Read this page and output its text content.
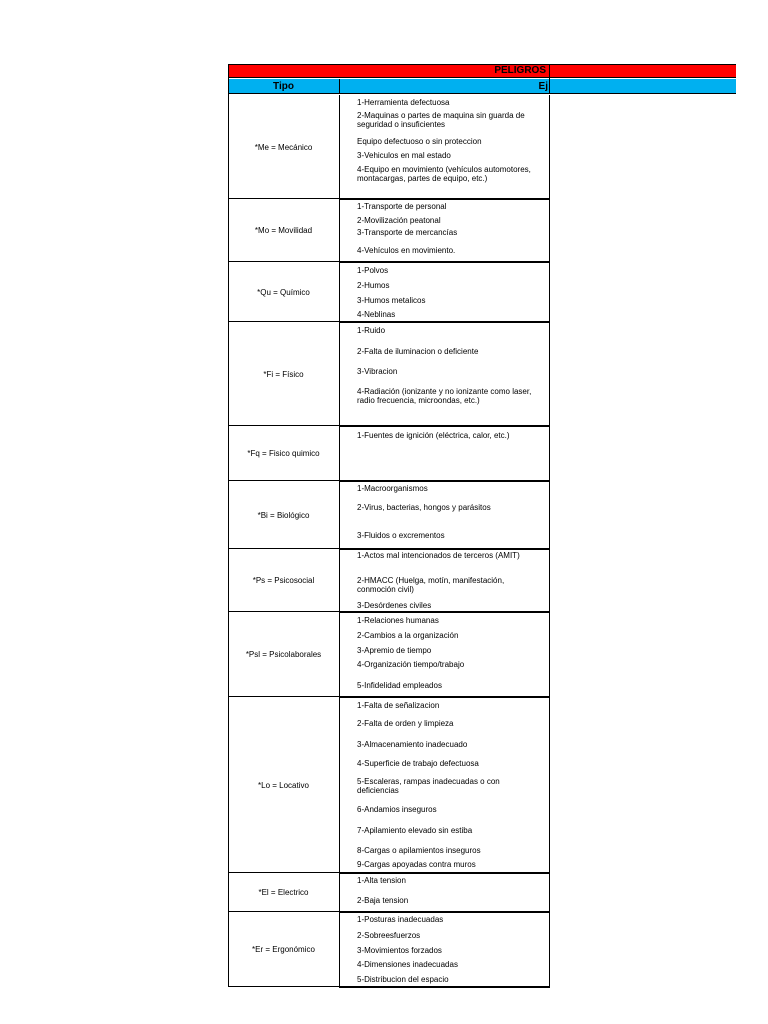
PELIGROS
Tipo	Ej
*Me = Mecánico
1-Herramienta defectuosa
2-Maquinas o partes de maquina sin guarda de seguridad o insuficientes
Equipo defectuoso o sin proteccion
3-Vehiculos en mal estado
4-Equipo en movimiento (vehículos automotores, montacargas, partes de equipo, etc.)
*Mo = Movilidad
1-Transporte de personal
2-Movilización peatonal
3-Transporte de mercancías
4-Vehículos en movimiento.
*Qu = Químico
1-Polvos
2-Humos
3-Humos metalicos
4-Neblinas
*Fi = Físico
1-Ruido
2-Falta de iluminacion o deficiente
3-Vibracion
4-Radiación (ionizante y no ionizante como laser, radio frecuencia, microondas, etc.)
*Fq = Fisico quimico
1-Fuentes de ignición (eléctrica, calor, etc.)
*Bi = Biológico
1-Macroorganismos
2-Virus, bacterias, hongos y parásitos
3-Fluidos o excrementos
*Ps = Psicosocial
1-Actos mal intencionados de terceros (AMIT)
2-HMACC (Huelga, motín, manifestación, conmoción civil)
3-Desórdenes civiles
*Psl = Psicolaborales
1-Relaciones humanas
2-Cambios a la organización
3-Apremio de tiempo
4-Organización tiempo/trabajo
5-Infidelidad empleados
*Lo = Locativo
1-Falta de señalizacion
2-Falta de orden y limpieza
3-Almacenamiento inadecuado
4-Superficie de trabajo defectuosa
5-Escaleras, rampas inadecuadas o con deficiencias
6-Andamios inseguros
7-Apilamiento elevado sin estiba
8-Cargas o apilamientos inseguros
9-Cargas apoyadas contra muros
*El = Electrico
1-Alta tension
2-Baja tension
*Er = Ergonómico
1-Posturas inadecuadas
2-Sobreesfuerzos
3-Movimientos forzados
4-Dimensiones inadecuadas
5-Distribucion del espacio
